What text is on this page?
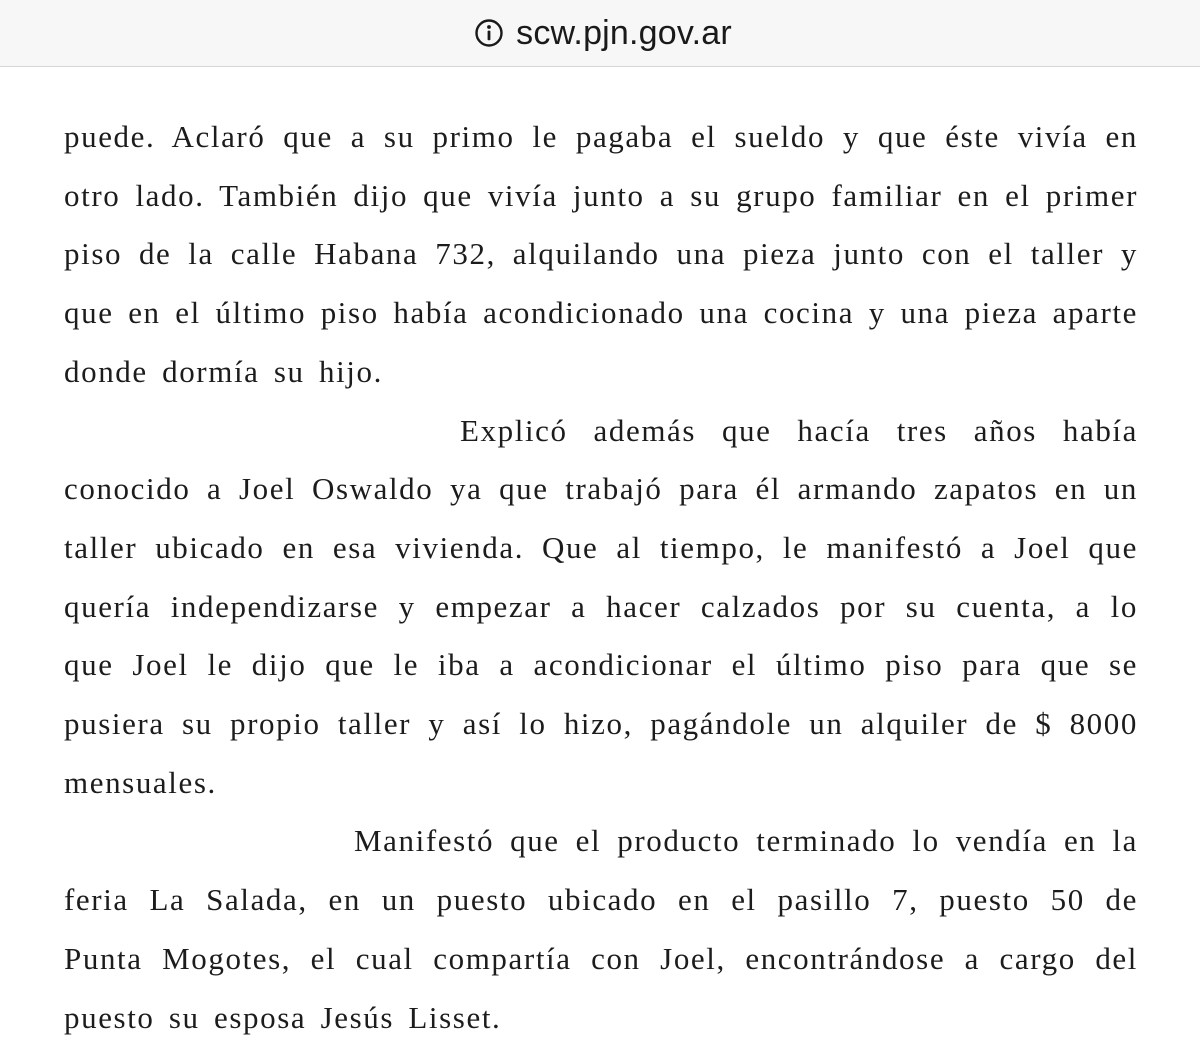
scw.pjn.gov.ar

puede. Aclaró que a su primo le pagaba el sueldo y que éste vivía en otro lado. También dijo que vivía junto a su grupo familiar en el primer piso de la calle Habana 732, alquilando una pieza junto con el taller y que en el último piso había acondicionado una cocina y una pieza aparte donde dormía su hijo.

Explicó además que hacía tres años había conocido a Joel Oswaldo ya que trabajó para él armando zapatos en un taller ubicado en esa vivienda. Que al tiempo, le manifestó a Joel que quería independizarse y empezar a hacer calzados por su cuenta, a lo que Joel le dijo que le iba a acondicionar el último piso para que se pusiera su propio taller y así lo hizo, pagándole un alquiler de $ 8000 mensuales.

Manifestó que el producto terminado lo vendía en la feria La Salada, en un puesto ubicado en el pasillo 7, puesto 50 de Punta Mogotes, el cual compartía con Joel, encontrándose a cargo del puesto su esposa Jesús Lisset.
